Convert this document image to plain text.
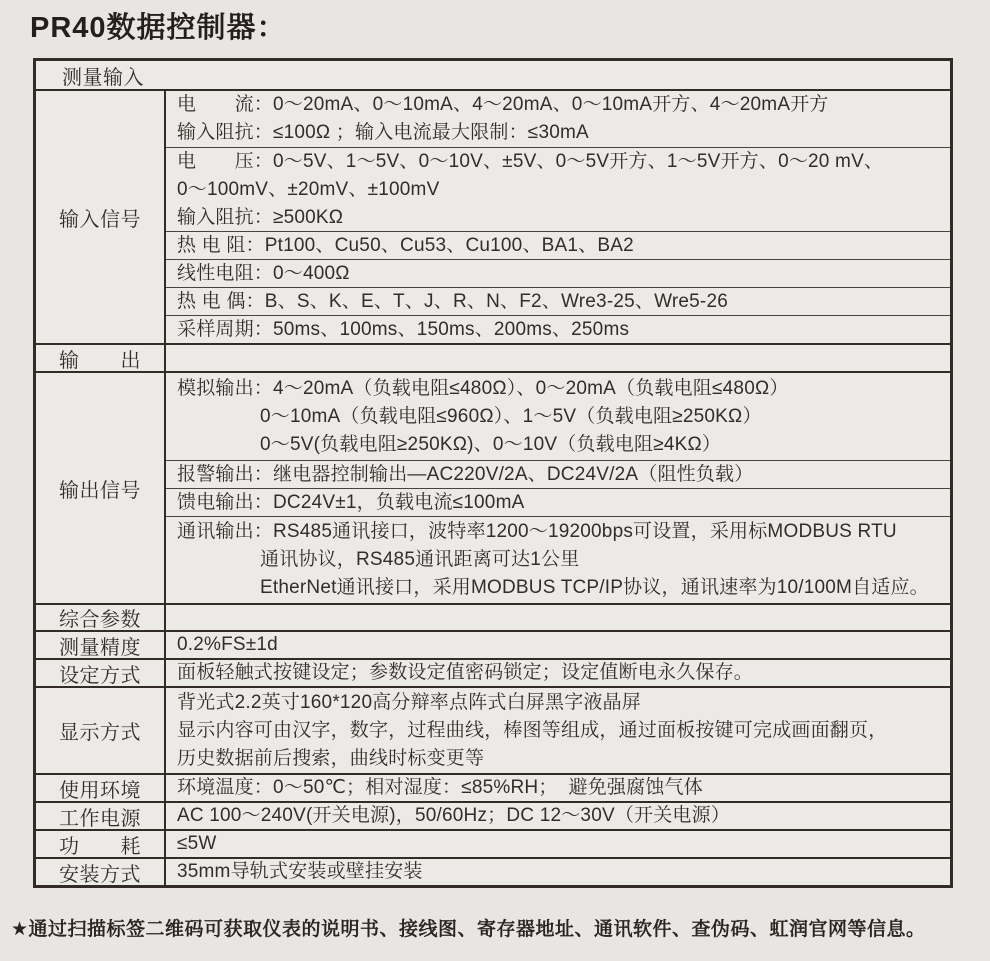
PR40数据控制器：
测量输入
输入信号
电　　流：0～20mA、0～10mA、4～20mA、0～10mA开方、4～20mA开方
输入阻抗：≤100Ω ；输入电流最大限制：≤30mA
电　　压：0～5V、1～5V、0～10V、±5V、0～5V开方、1～5V开方、0～20 mV、
0～100mV、±20mV、±100mV
输入阻抗：≥500KΩ
热 电 阻：Pt100、Cu50、Cu53、Cu100、BA1、BA2
线性电阻：0～400Ω
热 电 偶：B、S、K、E、T、J、R、N、F2、Wre3-25、Wre5-26
采样周期：50ms、100ms、150ms、200ms、250ms
输　　出
输出信号
模拟输出：4～20mA（负载电阻≤480Ω）、0～20mA（负载电阻≤480Ω）
0～10mA（负载电阻≤960Ω）、1～5V（负载电阻≥250KΩ）
0～5V(负载电阻≥250KΩ)、0～10V（负载电阻≥4KΩ）
报警输出：继电器控制输出—AC220V/2A、DC24V/2A（阻性负载）
馈电输出：DC24V±1，负载电流≤100mA
通讯输出：RS485通讯接口，波特率1200～19200bps可设置，采用标MODBUS RTU
通讯协议，RS485通讯距离可达1公里
EtherNet通讯接口，采用MODBUS TCP/IP协议，通讯速率为10/100M自适应。
综合参数
测量精度 0.2%FS±1d
设定方式 面板轻触式按键设定；参数设定值密码锁定；设定值断电永久保存。
显示方式
背光式2.2英寸160*120高分辩率点阵式白屏黑字液晶屏
显示内容可由汉字，数字，过程曲线，棒图等组成，通过面板按键可完成画面翻页，
历史数据前后搜索，曲线时标变更等
使用环境 环境温度：0～50℃；相对湿度：≤85%RH；  避免强腐蚀气体
工作电源 AC 100～240V(开关电源)，50/60Hz；DC 12～30V（开关电源）
功　　耗 ≤5W
安装方式 35mm导轨式安装或壁挂安装
★通过扫描标签二维码可获取仪表的说明书、接线图、寄存器地址、通讯软件、查伪码、虹润官网等信息。
